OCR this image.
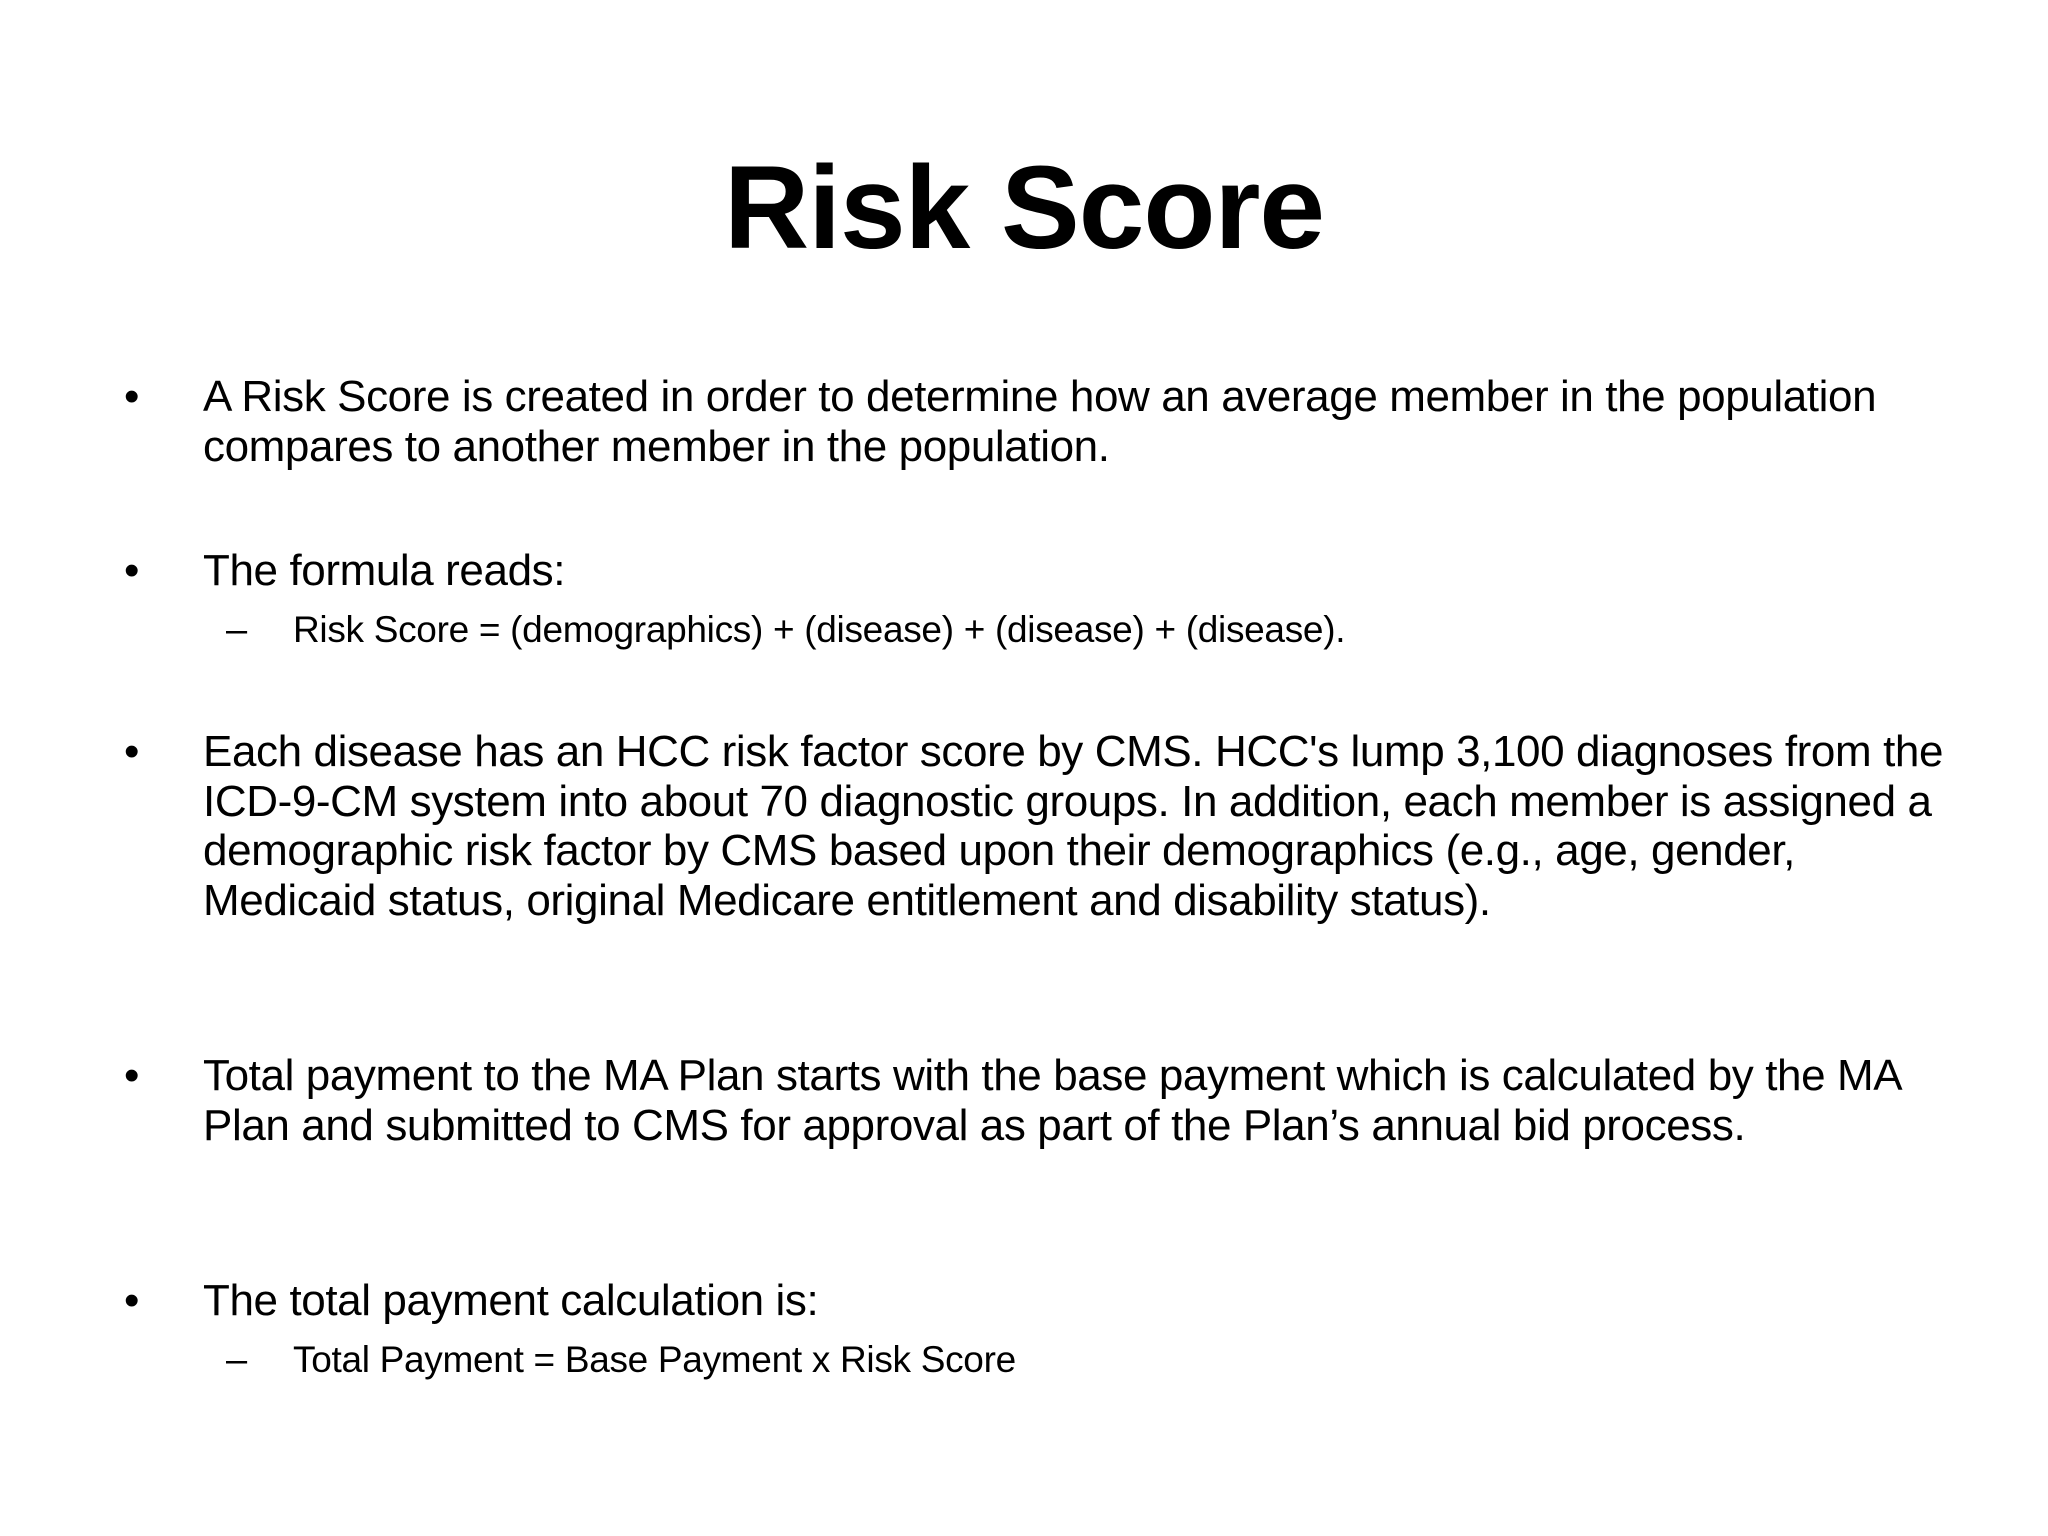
Risk Score
• A Risk Score is created in order to determine how an average member in the population compares to another member in the population.
• The formula reads:
– Risk Score = (demographics) + (disease) + (disease) + (disease).
• Each disease has an HCC risk factor score by CMS. HCC's lump 3,100 diagnoses from the ICD-9-CM system into about 70 diagnostic groups. In addition, each member is assigned a demographic risk factor by CMS based upon their demographics (e.g., age, gender, Medicaid status, original Medicare entitlement and disability status).
• Total payment to the MA Plan starts with the base payment which is calculated by the MA Plan and submitted to CMS for approval as part of the Plan’s annual bid process.
• The total payment calculation is:
– Total Payment = Base Payment x Risk Score
